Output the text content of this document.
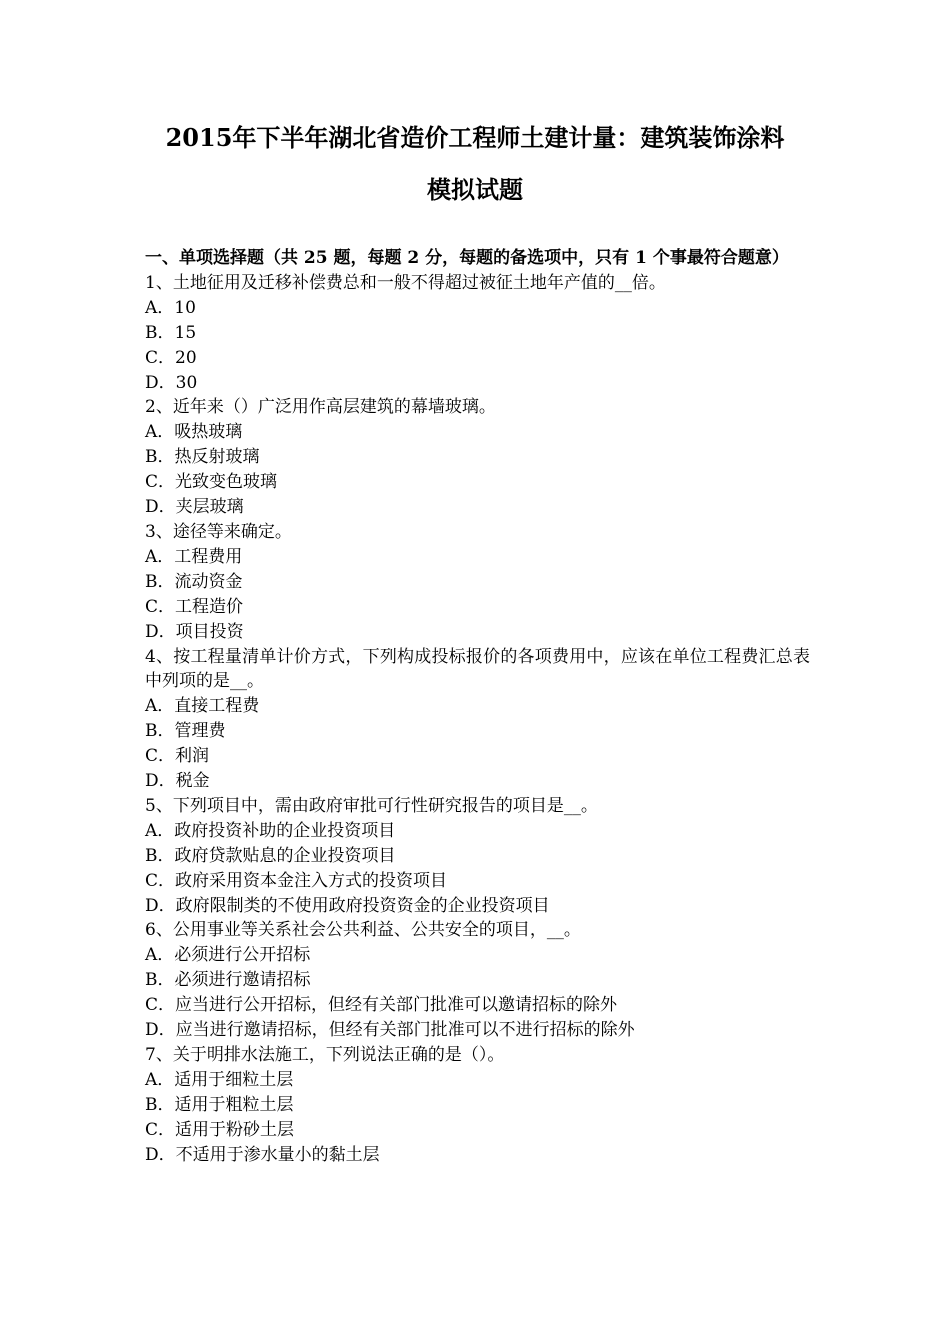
2015年下半年湖北省造价工程师土建计量：建筑装饰涂料
模拟试题

一、单项选择题（共 25 题，每题 2 分，每题的备选项中，只有 1 个事最符合题意）

1、土地征用及迁移补偿费总和一般不得超过被征土地年产值的__倍。

A．10

B．15

C．20

D．30

2、近年来（）广泛用作高层建筑的幕墙玻璃。

A．吸热玻璃

B．热反射玻璃

C．光致变色玻璃

D．夹层玻璃

3、途径等来确定。

A．工程费用

B．流动资金

C．工程造价

D．项目投资

4、按工程量清单计价方式，下列构成投标报价的各项费用中，应该在单位工程费汇总表中列项的是__。

A．直接工程费

B．管理费

C．利润

D．税金

5、下列项目中，需由政府审批可行性研究报告的项目是__。

A．政府投资补助的企业投资项目

B．政府贷款贴息的企业投资项目

C．政府采用资本金注入方式的投资项目

D．政府限制类的不使用政府投资资金的企业投资项目

6、公用事业等关系社会公共利益、公共安全的项目，__。

A．必须进行公开招标

B．必须进行邀请招标

C．应当进行公开招标，但经有关部门批准可以邀请招标的除外

D．应当进行邀请招标，但经有关部门批准可以不进行招标的除外

7、关于明排水法施工，下列说法正确的是（）。

A．适用于细粒土层

B．适用于粗粒土层

C．适用于粉砂土层

D．不适用于渗水量小的黏土层
